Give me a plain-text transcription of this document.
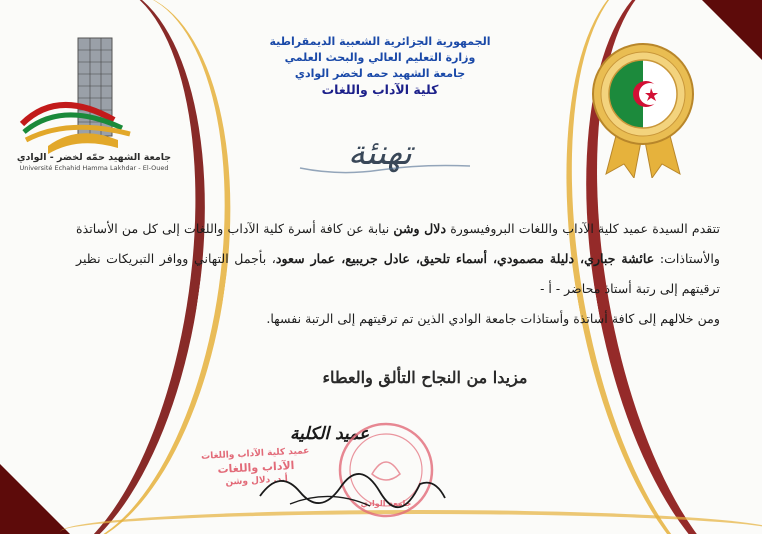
جامعة الشهيد حمّه لخضر - الوادي
Université Echahid Hamma Lakhdar - El-Oued
الجمهورية الجزائرية الشعبية الديمقراطية
وزارة التعليم العالي والبحث العلمي
جامعة الشهيد حمه لخضر الوادي
كلية الآداب واللغات
تهنئة

تتقدم السيدة عميد كلية الآداب واللغات البروفيسورة دلال وشن نيابة عن كافة أسرة كلية الآداب واللغات إلى كل من الأساتذة والأستاذات: عائشة جباري، دليلة مصمودي، أسماء تلحيق، عادل جريبيع، عمار سعود، بأجمل التهاني ووافر التبريكات نظير ترقيتهم إلى رتبة أستاذ محاضر - أ -

ومن خلالهم إلى كافة أساتذة وأستاذات جامعة الوادي الذين تم ترقيتهم إلى الرتبة نفسها.

مزيدا من النجاح التألق والعطاء
عميد الكلية
جامعة الوادي
عميد كلية الآداب واللغات
الآداب واللغات
أ.د. دلال وشن
